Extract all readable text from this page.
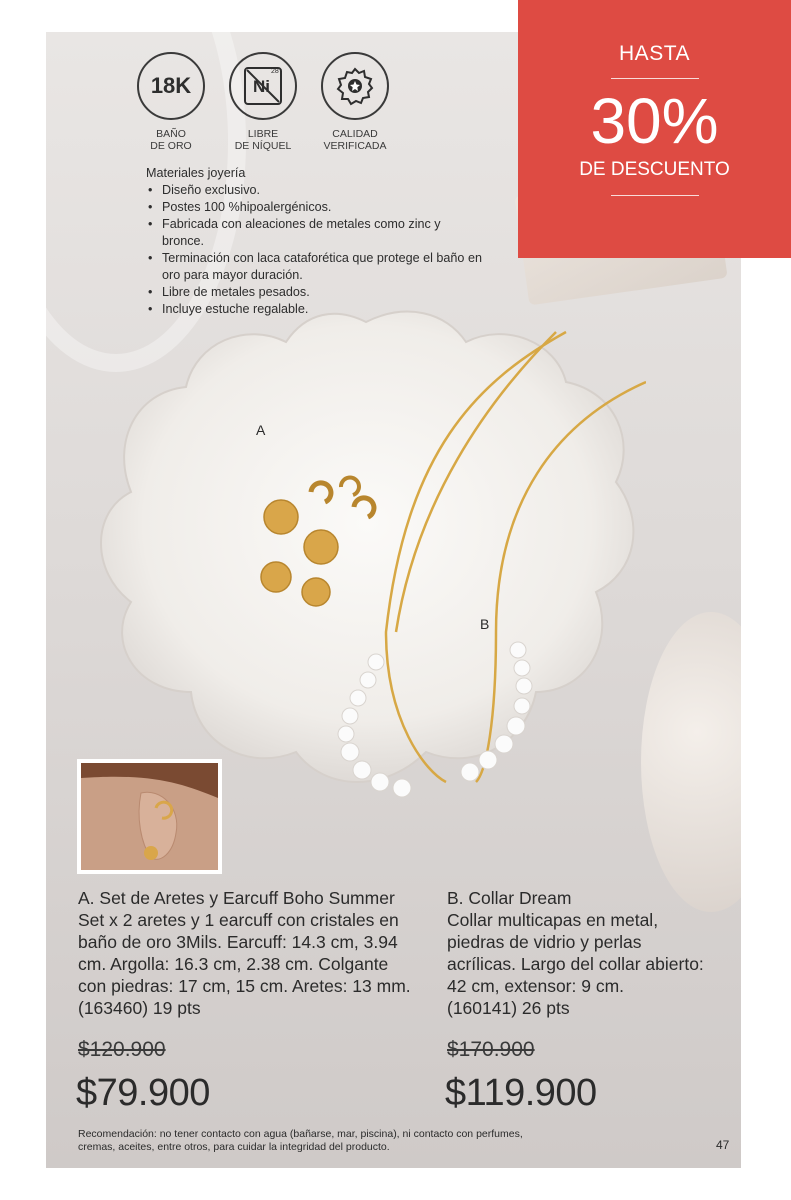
A
B
HASTA
30%
DE DESCUENTO
18K
BAÑO
DE ORO
Ni
28
LIBRE
DE NÍQUEL
CALIDAD
VERIFICADA
Materiales joyería
• Diseño exclusivo.
• Postes 100 %hipoalergénicos.
• Fabricada con aleaciones de metales como zinc y bronce.
• Terminación con laca cataforética que protege el baño en oro para mayor duración.
• Libre de metales pesados.
• Incluye estuche regalable.
A. Set de Aretes y Earcuff Boho Summer
Set x 2 aretes y 1 earcuff con cristales en baño de oro 3Mils. Earcuff: 14.3 cm, 3.94 cm. Argolla: 16.3 cm, 2.38 cm. Colgante con piedras: 17 cm, 15 cm. Aretes: 13 mm.
(163460) 19 pts
$120.900
$79.900
B. Collar Dream
Collar multicapas en metal, piedras de vidrio y perlas acrílicas. Largo del collar abierto: 42 cm, extensor: 9 cm.
(160141) 26 pts
$170.900
$119.900
Recomendación: no tener contacto con agua (bañarse, mar, piscina), ni contacto con perfumes, cremas, aceites, entre otros, para cuidar la integridad del producto.	47
